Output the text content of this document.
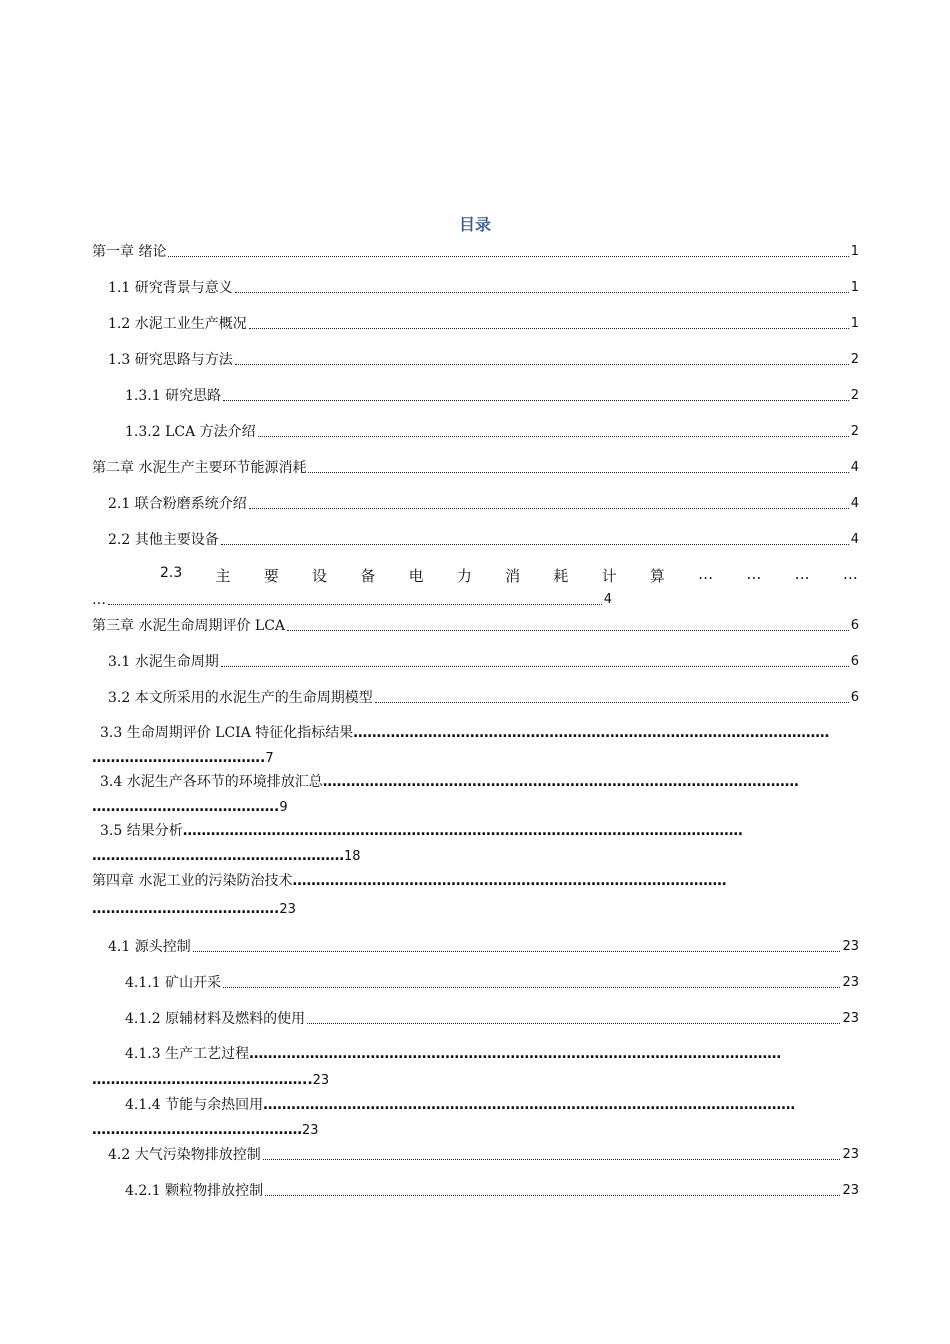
目录
第一章 绪论	1
1.1 研究背景与意义	1
1.2 水泥工业生产概况	1
1.3 研究思路与方法	2
1.3.1 研究思路	2
1.3.2 LCA 方法介绍	2
第二章 水泥生产主要环节能源消耗	4
2.1 联合粉磨系统介绍	4
2.2 其他主要设备	4
2.3 主 要 设 备 电 力 消 耗 计 算 … … … …
…	4
第三章 水泥生命周期评价 LCA	6
3.1 水泥生命周期	6
3.2 本文所采用的水泥生产的生命周期模型	6
3.3 生命周期评价 LCIA 特征化指标结果…………………………………………………………………………………………
……………………………….7
3.4 水泥生产各环节的环境排放汇总…………………………………………………………………………………………
………………………………….9
3.5 结果分析…………………………………………………………………………………………………………
………………………………………………18
第四章 水泥工业的污染防治技术…………………………………………………………………………………
………………………………….23
4.1 源头控制	23
4.1.1 矿山开采	23
4.1.2 原辅材料及燃料的使用	23
4.1.3 生产工艺过程……………………………………………………………………………………………………
………………………………………..23
4.1.4 节能与余热回用……………………………………………………………………………………………………
………………………………………23
4.2 大气污染物排放控制	23
4.2.1 颗粒物排放控制	23
